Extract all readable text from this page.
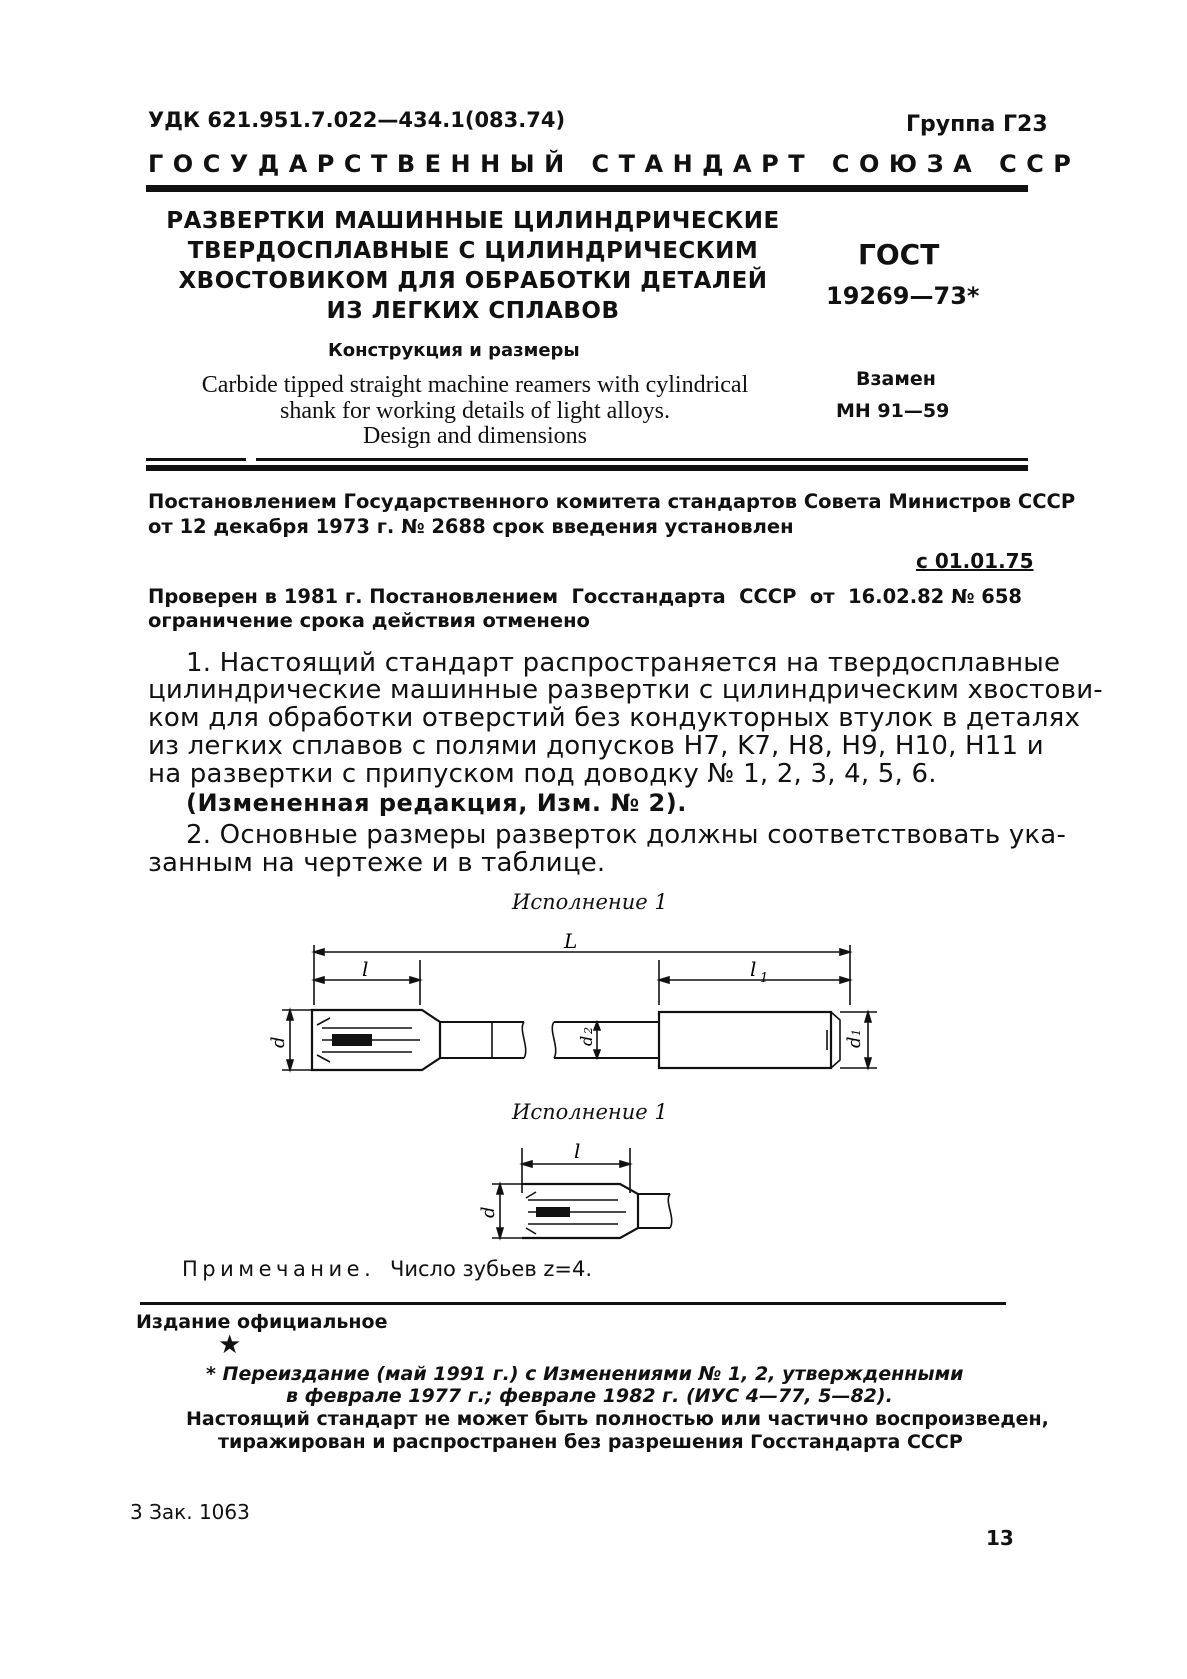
УДК 621.951.7.022—434.1(083.74)	Группа Г23
ГОСУДАРСТВЕННЫЙ СТАНДАРТ СОЮЗА ССР
РАЗВЕРТКИ МАШИННЫЕ ЦИЛИНДРИЧЕСКИЕ
ТВЕРДОСПЛАВНЫЕ С ЦИЛИНДРИЧЕСКИМ
ХВОСТОВИКОМ ДЛЯ ОБРАБОТКИ ДЕТАЛЕЙ
ИЗ ЛЕГКИХ СПЛАВОВ
Конструкция и размеры
Carbide tipped straight machine reamers with cylindrical
shank for working details of light alloys.
Design and dimensions
ГОСТ
19269—73*
Взамен
МН 91—59
Постановлением Государственного комитета стандартов Совета Министров СССР
от 12 декабря 1973 г. № 2688 срок введения установлен
с 01.01.75
Проверен в 1981 г. Постановлением Госстандарта СССР от 16.02.82 № 658
ограничение срока действия отменено
1. Настоящий стандарт распространяется на твердосплавные
цилиндрические машинные развертки с цилиндрическим хвостови-
ком для обработки отверстий без кондукторных втулок в деталях
из легких сплавов с полями допусков H7, K7, H8, H9, H10, H11 и
на развертки с припуском под доводку № 1, 2, 3, 4, 5, 6.
(Измененная редакция, Изм. № 2).
2. Основные размеры разверток должны соответствовать ука-
занным на чертеже и в таблице.
Исполнение 1
L
l	l 1
d	d
2
d
1
Исполнение 1
l
d
Примечание. Число зубьев z=4.
Издание официальное
★
* Переиздание (май 1991 г.) с Изменениями № 1, 2, утвержденными
в феврале 1977 г.; феврале 1982 г. (ИУС 4—77, 5—82).
Настоящий стандарт не может быть полностью или частично воспроизведен,
тиражирован и распространен без разрешения Госстандарта СССР
3 Зак. 1063
13
